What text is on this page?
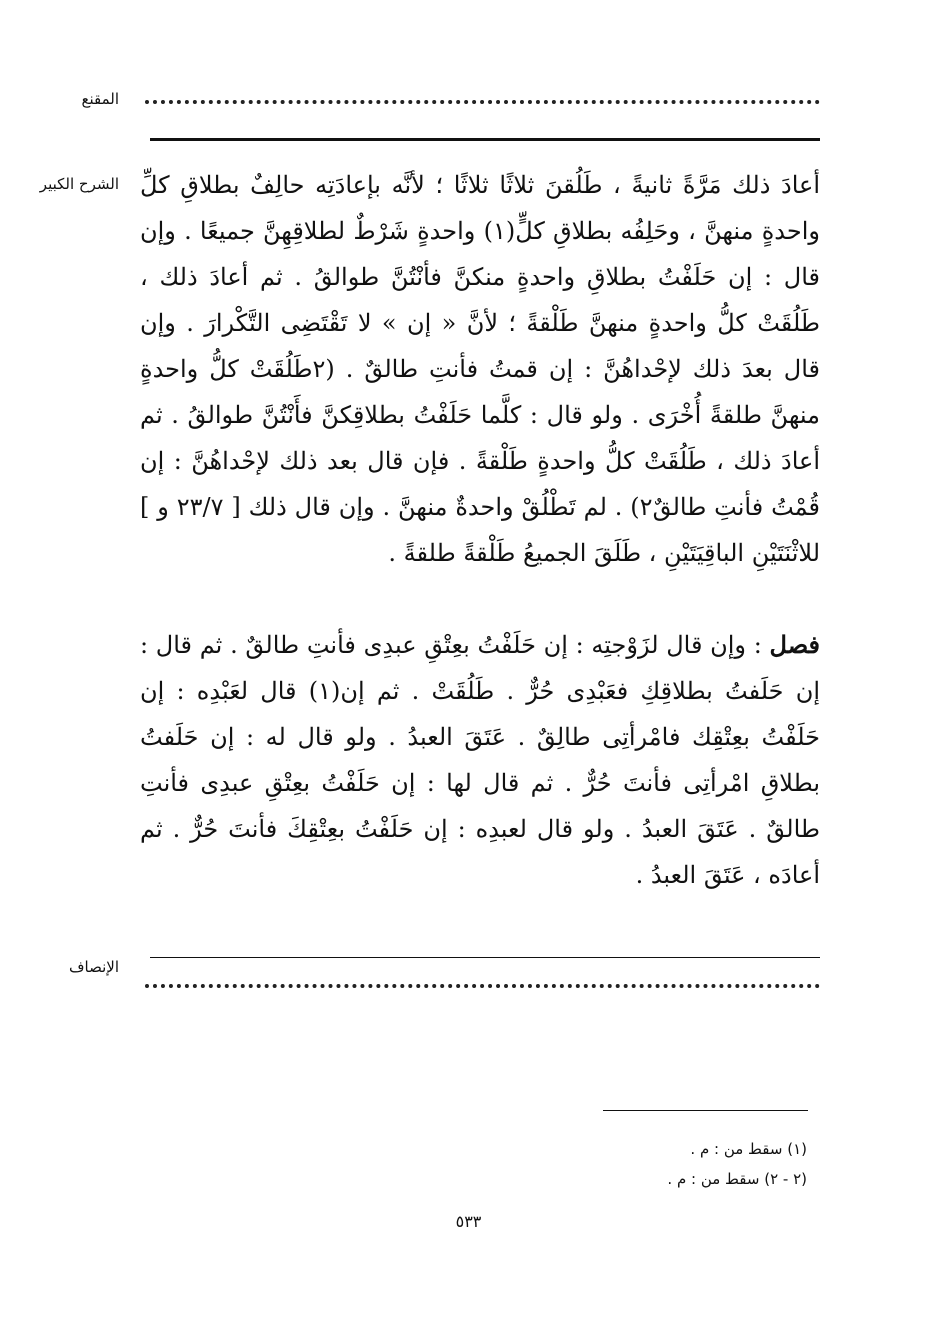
المقنع
الشرح الكبير أعادَ ذلك مَرَّةً ثانيةً ، طَلُقنَ ثلاثًا ثلاثًا ؛ لأنَّه بإعادَتِه حالِفٌ بطلاقِ كلِّ واحدةٍ منهنَّ ، وحَلِفُه بطلاقِ كلٍّ(١) واحدةٍ شَرْطٌ لطلاقِهِنَّ جميعًا . وإن قال : إن حَلَفْتُ بطلاقِ واحدةٍ منكنَّ فأنْتُنَّ طوالقُ . ثم أعادَ ذلك ، طَلُقَتْ كلُّ واحدةٍ منهنَّ طَلْقةً ؛ لأنَّ « إن » لا تَقْتَضِى التَّكْرارَ . وإن قال بعدَ ذلك لإحْداهُنَّ : إن قمتُ فأنتِ طالقٌ . (٢طَلُقَتْ كلُّ واحدةٍ منهنَّ طلقةً أُخْرَى . ولو قال : كلَّما حَلَفْتُ بطلاقِكنَّ فأَنْتُنَّ طوالقُ . ثم أعادَ ذلك ، طَلُقَتْ كلُّ واحدةٍ طَلْقةً . فإن قال بعد ذلك لإحْداهُنَّ : إن قُمْتُ فأنتِ طالقٌ٢) . لم تَطْلُقْ واحدةٌ منهنَّ . وإن قال ذلك [ ٢٣/٧ و ] للاثْنَتَيْنِ الباقِيَتَيْنِ ، طَلَقَ الجميعُ طَلْقةً طلقةً .

فصل : وإن قال لزَوْجتِه : إن حَلَفْتُ بعِتْقِ عبدِى فأنتِ طالقٌ . ثم قال : إن حَلَفتُ بطلاقِكِ فعَبْدِى حُرٌّ . طَلُقَتْ . ثم إن(١) قال لعَبْدِه : إن حَلَفْتُ بعِتْقِك فامْرأتِى طالِقٌ . عَتَقَ العبدُ . ولو قال له : إن حَلَفتُ بطلاقِ امْرأتِى فأنتَ حُرٌّ . ثم قال لها : إن حَلَفْتُ بعِتْقِ عبدِى فأنتِ طالقٌ . عَتَقَ العبدُ . ولو قال لعبدِه : إن حَلَفْتُ بعِتْقِكَ فأنتَ حُرٌّ . ثم أعادَه ، عَتَقَ العبدُ .

الإنصاف
(١) سقط من : م .
(٢ - ٢) سقط من : م .
٥٣٣
